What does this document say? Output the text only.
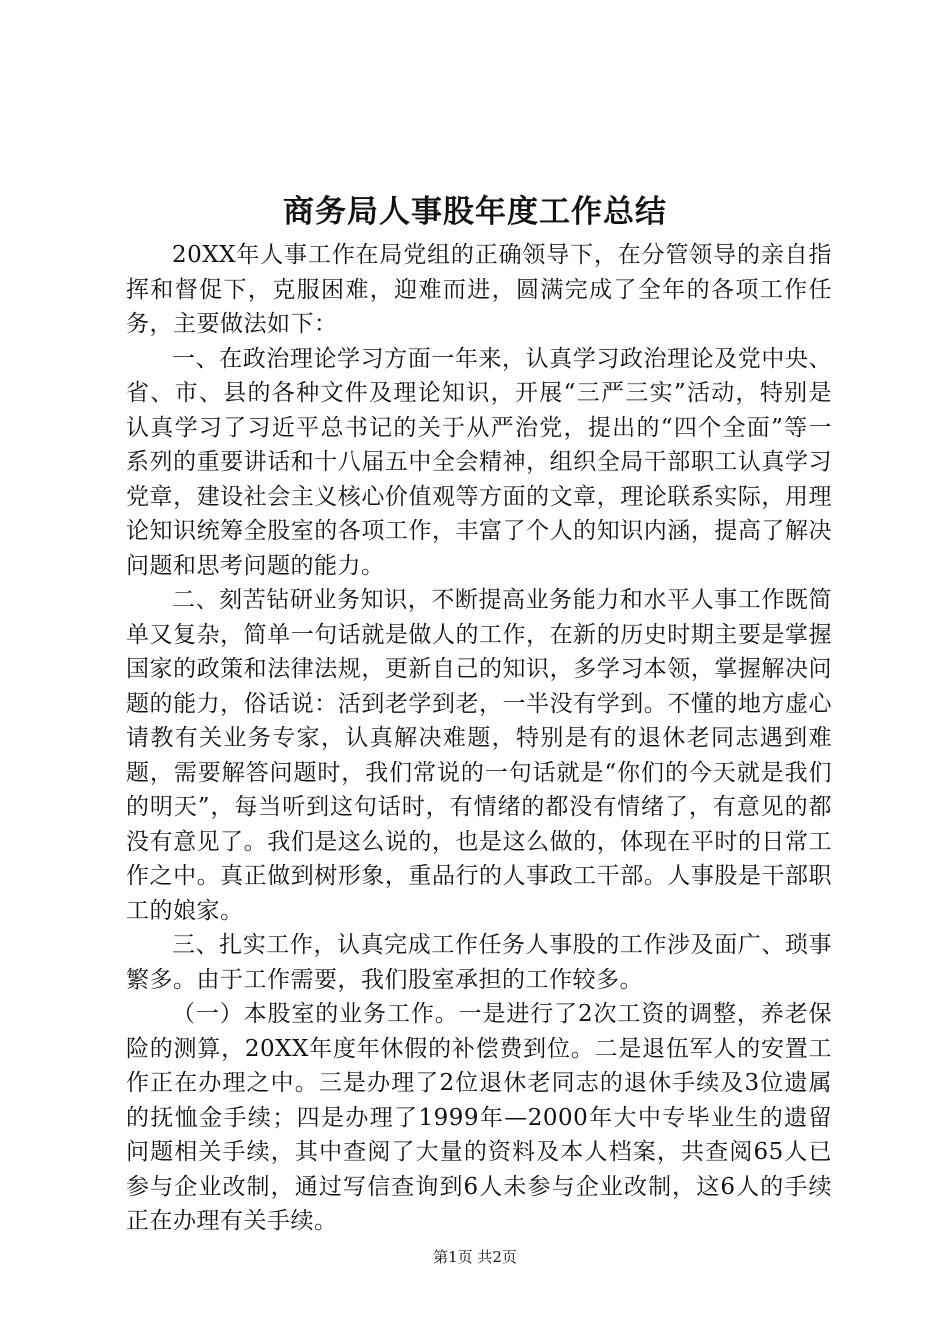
商务局人事股年度工作总结

20XX年人事工作在局党组的正确领导下，在分管领导的亲自指挥和督促下，克服困难，迎难而进，圆满完成了全年的各项工作任务，主要做法如下：

一、在政治理论学习方面一年来，认真学习政治理论及党中央、省、市、县的各种文件及理论知识，开展“三严三实”活动，特别是认真学习了习近平总书记的关于从严治党，提出的“四个全面”等一系列的重要讲话和十八届五中全会精神，组织全局干部职工认真学习党章，建设社会主义核心价值观等方面的文章，理论联系实际，用理论知识统筹全股室的各项工作，丰富了个人的知识内涵，提高了解决问题和思考问题的能力。

二、刻苦钻研业务知识，不断提高业务能力和水平人事工作既简单又复杂，简单一句话就是做人的工作，在新的历史时期主要是掌握国家的政策和法律法规，更新自己的知识，多学习本领，掌握解决问题的能力，俗话说：活到老学到老，一半没有学到。不懂的地方虚心请教有关业务专家，认真解决难题，特别是有的退休老同志遇到难题，需要解答问题时，我们常说的一句话就是“你们的今天就是我们的明天”，每当听到这句话时，有情绪的都没有情绪了，有意见的都没有意见了。我们是这么说的，也是这么做的，体现在平时的日常工作之中。真正做到树形象，重品行的人事政工干部。人事股是干部职工的娘家。

三、扎实工作，认真完成工作任务人事股的工作涉及面广、琐事繁多。由于工作需要，我们股室承担的工作较多。

（一）本股室的业务工作。一是进行了2次工资的调整，养老保险的测算，20XX年度年休假的补偿费到位。二是退伍军人的安置工作正在办理之中。三是办理了2位退休老同志的退休手续及3位遗属的抚恤金手续；四是办理了1999年—2000年大中专毕业生的遗留问题相关手续，其中查阅了大量的资料及本人档案，共查阅65人已参与企业改制，通过写信查询到6人未参与企业改制，这6人的手续正在办理有关手续。

第1页 共2页
